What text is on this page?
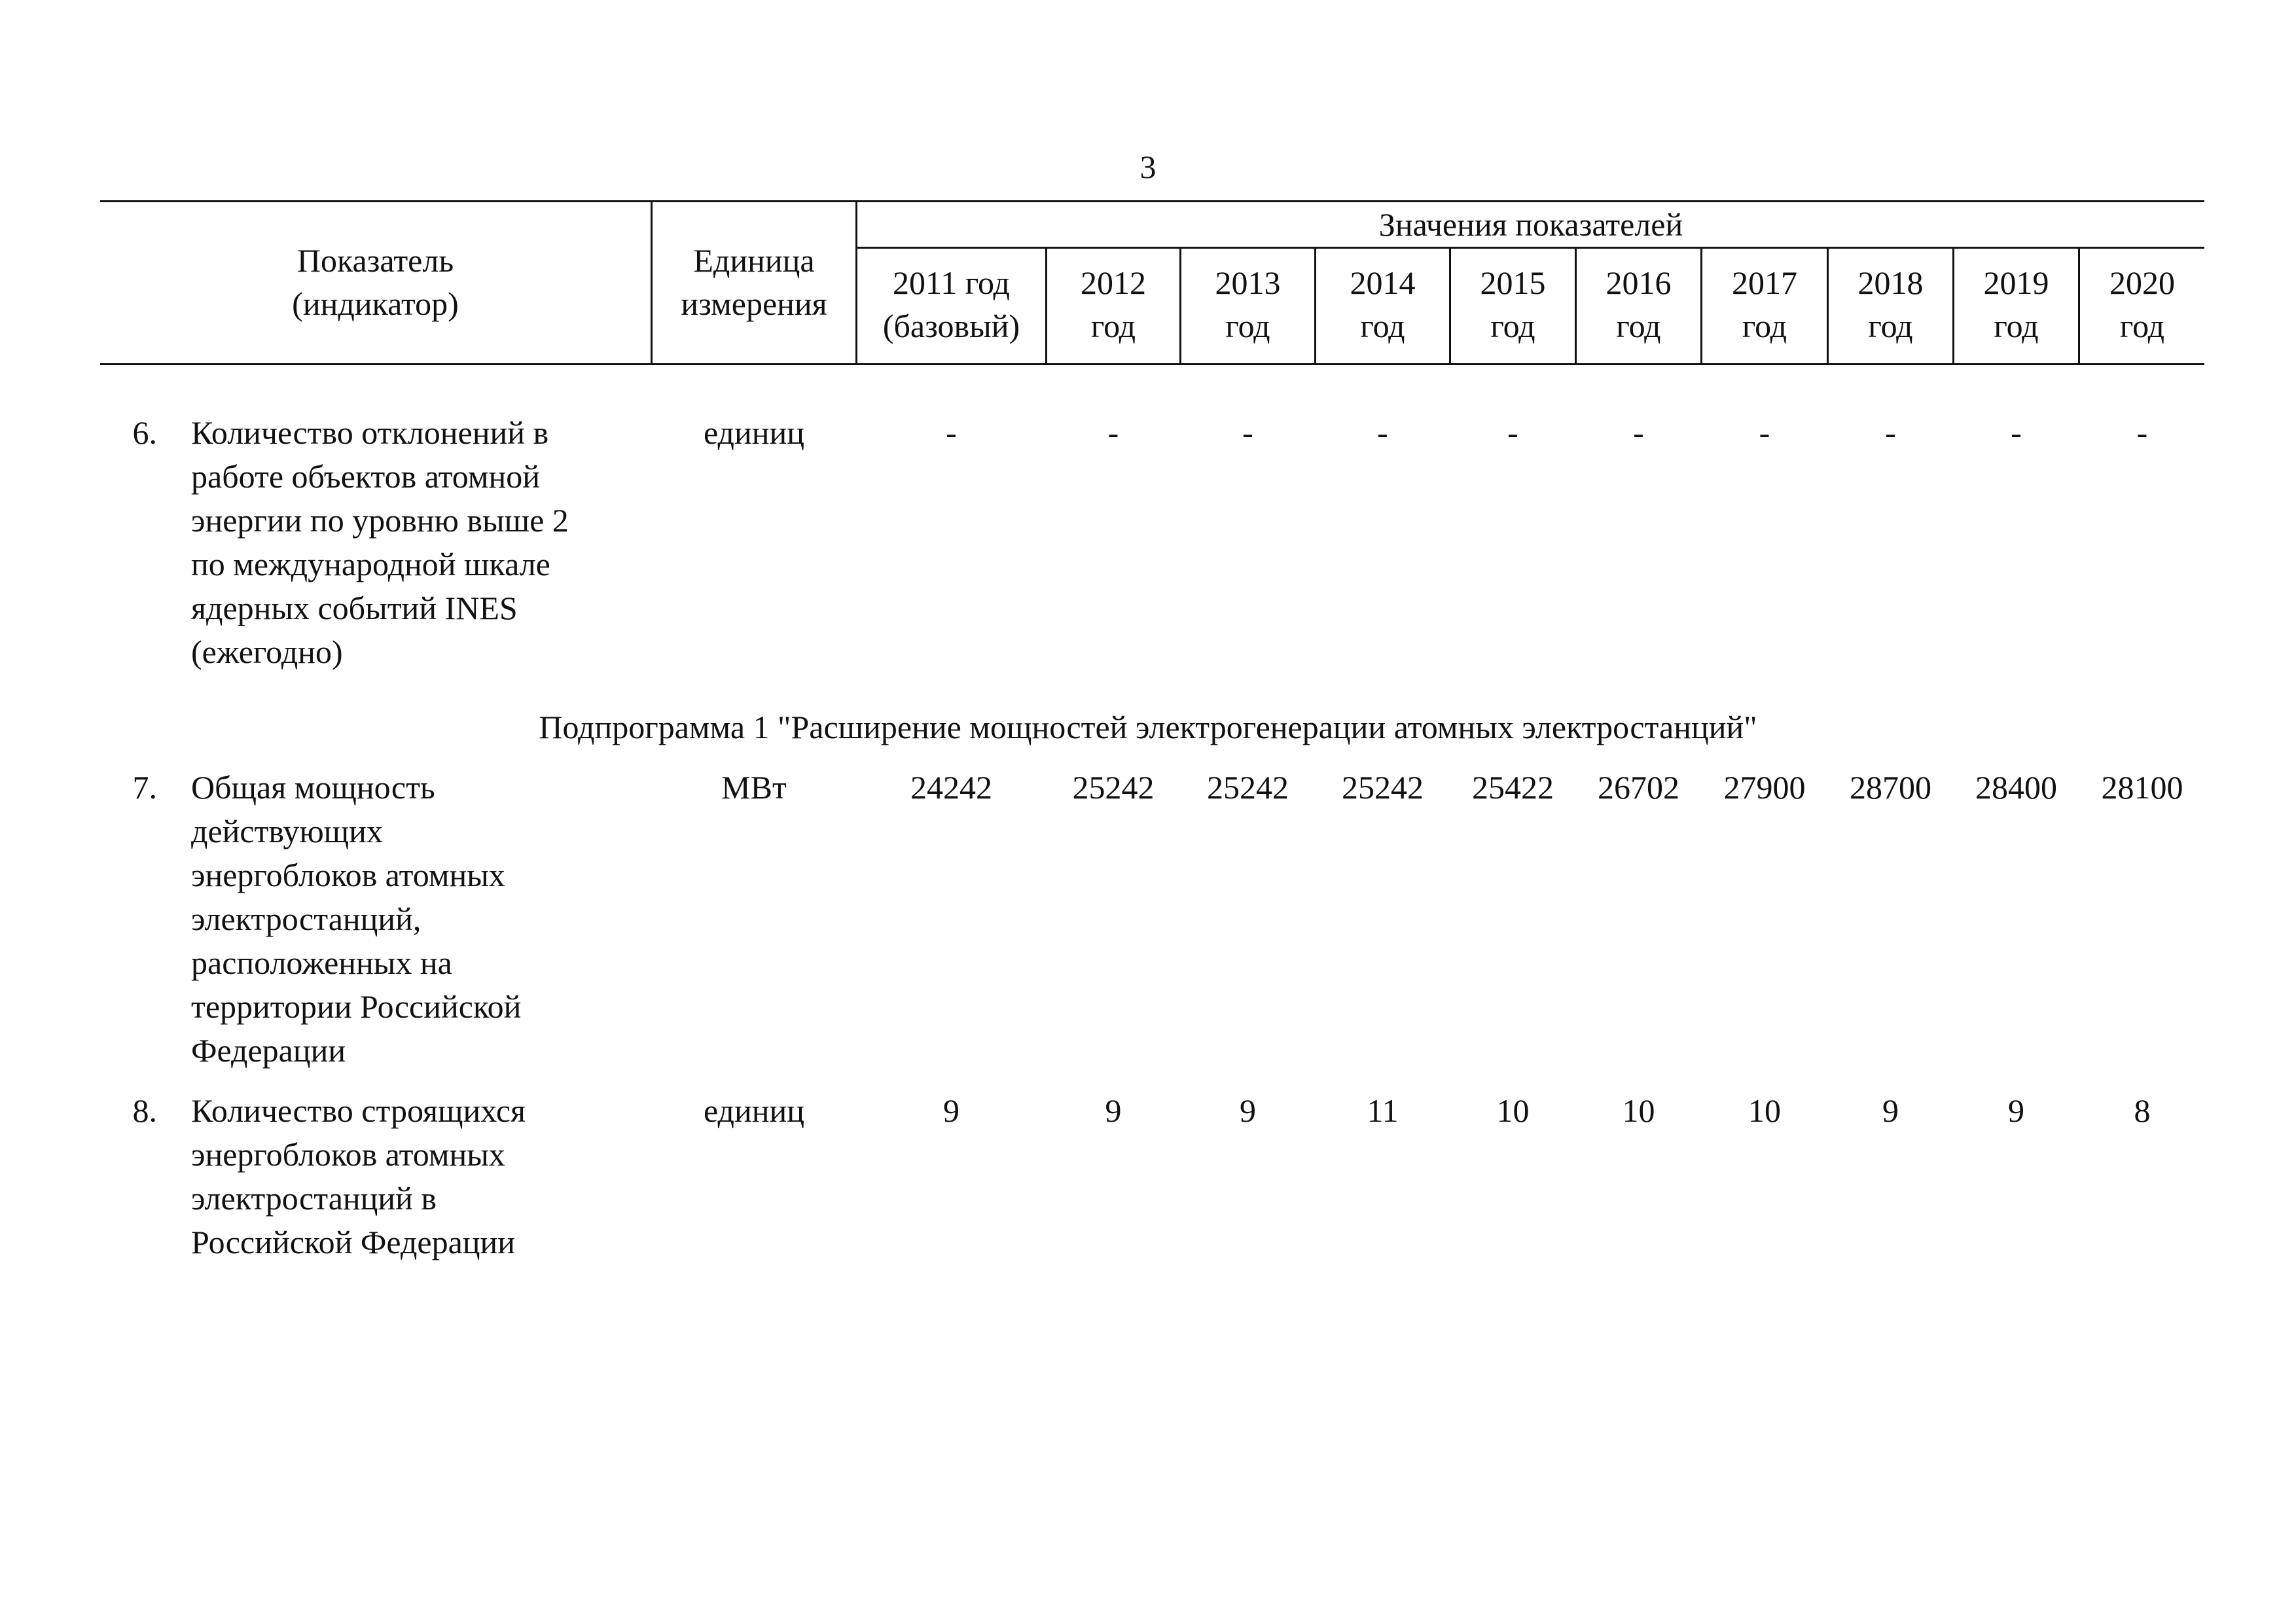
3
Показатель
(индикатор)
Единица
измерения
Значения показателей
2011 год
(базовый)
2012
год
2013
год
2014
год
2015
год
2016
год
2017
год
2018
год
2019
год
2020
год
6. Количество отклонений в
работе объектов атомной
энергии по уровню выше 2
по международной шкале
ядерных событий INES
(ежегодно)
единиц	-	-	-	-	-	-	-	-	-	-
Подпрограмма 1 "Расширение мощностей электрогенерации атомных электростанций"
7. Общая мощность
действующих
энергоблоков атомных
электростанций,
расположенных на
территории Российской
Федерации
МВт	24242	25242	25242	25242	25422	26702	27900	28700	28400	28100
8. Количество строящихся
энергоблоков атомных
электростанций в
Российской Федерации
единиц	9	9	9	11	10	10	10	9	9	8
